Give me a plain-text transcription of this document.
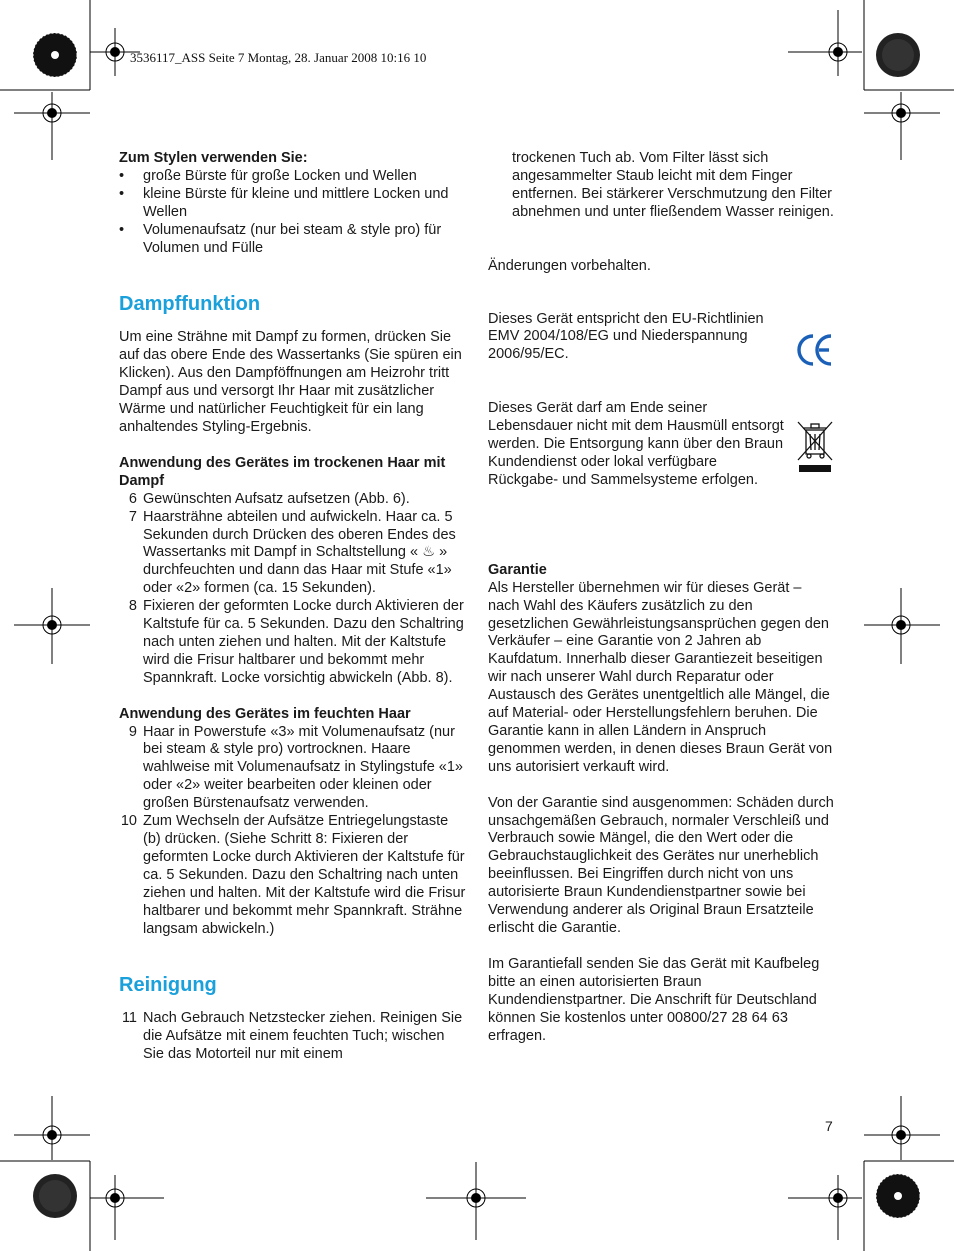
3536117_ASS Seite 7 Montag, 28. Januar 2008 10:16 10

Zum Stylen verwenden Sie:

• große Bürste für große Locken und Wellen
• kleine Bürste für kleine und mittlere Locken und Wellen
• Volumenaufsatz (nur bei steam & style pro) für Volumen und Fülle

Dampffunktion

Um eine Strähne mit Dampf zu formen, drücken Sie auf das obere Ende des Wassertanks (Sie spüren ein Klicken). Aus den Dampföffnungen am Heizrohr tritt Dampf aus und versorgt Ihr Haar mit zusätzlicher Wärme und natürlicher Feuchtigkeit für ein lang anhaltendes Styling-Ergebnis.

Anwendung des Gerätes im trockenen Haar mit Dampf

6 Gewünschten Aufsatz aufsetzen (Abb. 6).
7 Haarsträhne abteilen und aufwickeln. Haar ca. 5 Sekunden durch Drücken des oberen Endes des Wassertanks mit Dampf in Schaltstellung « ♨ » durchfeuchten und dann das Haar mit Stufe «1» oder «2» formen (ca. 15 Sekunden).
8 Fixieren der geformten Locke durch Aktivieren der Kaltstufe für ca. 5 Sekunden. Dazu den Schaltring nach unten ziehen und halten. Mit der Kaltstufe wird die Frisur haltbarer und bekommt mehr Spannkraft. Locke vorsichtig abwickeln (Abb. 8).

Anwendung des Gerätes im feuchten Haar

9 Haar in Powerstufe «3» mit Volumenaufsatz (nur bei steam & style pro) vortrocknen. Haare wahlweise mit Volumenaufsatz in Stylingstufe «1» oder «2» weiter bearbeiten oder kleinen oder großen Bürstenaufsatz verwenden.
10 Zum Wechseln der Aufsätze Entriegelungstaste (b) drücken. (Siehe Schritt 8: Fixieren der geformten Locke durch Aktivieren der Kaltstufe für ca. 5 Sekunden. Dazu den Schaltring nach unten ziehen und halten. Mit der Kaltstufe wird die Frisur haltbarer und bekommt mehr Spannkraft. Strähne langsam abwickeln.)

Reinigung

11 Nach Gebrauch Netzstecker ziehen. Reinigen Sie die Aufsätze mit einem feuchten Tuch; wischen Sie das Motorteil nur mit einem

trockenen Tuch ab. Vom Filter lässt sich angesammelter Staub leicht mit dem Finger entfernen. Bei stärkerer Verschmutzung den Filter abnehmen und unter fließendem Wasser reinigen.

Änderungen vorbehalten.

Dieses Gerät entspricht den EU-Richtlinien EMV 2004/108/EG und Niederspannung 2006/95/EC.

Dieses Gerät darf am Ende seiner Lebensdauer nicht mit dem Hausmüll entsorgt werden. Die Entsorgung kann über den Braun Kundendienst oder lokal verfügbare Rückgabe- und Sammelsysteme erfolgen.

Garantie

Als Hersteller übernehmen wir für dieses Gerät – nach Wahl des Käufers zusätzlich zu den gesetzlichen Gewährleistungsansprüchen gegen den Verkäufer – eine Garantie von 2 Jahren ab Kaufdatum. Innerhalb dieser Garantiezeit beseitigen wir nach unserer Wahl durch Reparatur oder Austausch des Gerätes unentgeltlich alle Mängel, die auf Material- oder Herstellungsfehlern beruhen. Die Garantie kann in allen Ländern in Anspruch genommen werden, in denen dieses Braun Gerät von uns autorisiert verkauft wird.

Von der Garantie sind ausgenommen: Schäden durch unsachgemäßen Gebrauch, normaler Verschleiß und Verbrauch sowie Mängel, die den Wert oder die Gebrauchstauglichkeit des Gerätes nur unerheblich beeinflussen. Bei Eingriffen durch nicht von uns autorisierte Braun Kundendienstpartner sowie bei Verwendung anderer als Original Braun Ersatzteile erlischt die Garantie.

Im Garantiefall senden Sie das Gerät mit Kaufbeleg bitte an einen autorisierten Braun Kundendienstpartner. Die Anschrift für Deutschland können Sie kostenlos unter 00800/27 28 64 63 erfragen.

7
